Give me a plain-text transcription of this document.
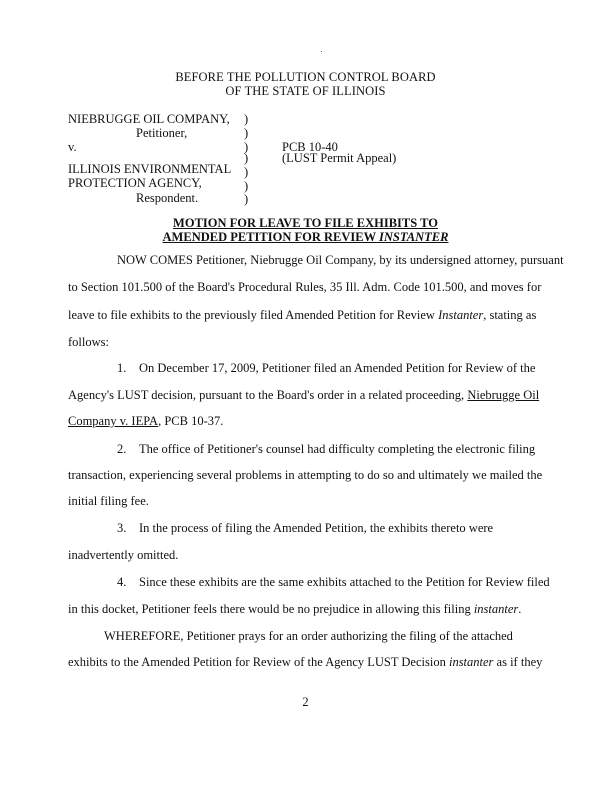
BEFORE THE POLLUTION CONTROL BOARD
OF THE STATE OF ILLINOIS
NIEBRUGGE OIL COMPANY,
Petitioner,
v.
ILLINOIS ENVIRONMENTAL
PROTECTION AGENCY,
Respondent.
)
)
)
)
)
)
)
PCB 10-40
(LUST Permit Appeal)
MOTION FOR LEAVE TO FILE EXHIBITS TO
AMENDED PETITION FOR REVIEW INSTANTER
NOW COMES Petitioner, Niebrugge Oil Company, by its undersigned attorney, pursuant
to Section 101.500 of the Board's Procedural Rules, 35 Ill. Adm. Code 101.500, and moves for
leave to file exhibits to the previously filed Amended Petition for Review Instanter, stating as
follows:
1. On December 17, 2009, Petitioner filed an Amended Petition for Review of the
Agency's LUST decision, pursuant to the Board's order in a related proceeding, Niebrugge Oil
Company v. IEPA, PCB 10-37.
2. The office of Petitioner's counsel had difficulty completing the electronic filing
transaction, experiencing several problems in attempting to do so and ultimately we mailed the
initial filing fee.
3. In the process of filing the Amended Petition, the exhibits thereto were
inadvertently omitted.
4. Since these exhibits are the same exhibits attached to the Petition for Review filed
in this docket, Petitioner feels there would be no prejudice in allowing this filing instanter.
WHEREFORE, Petitioner prays for an order authorizing the filing of the attached
exhibits to the Amended Petition for Review of the Agency LUST Decision instanter as if they
2
